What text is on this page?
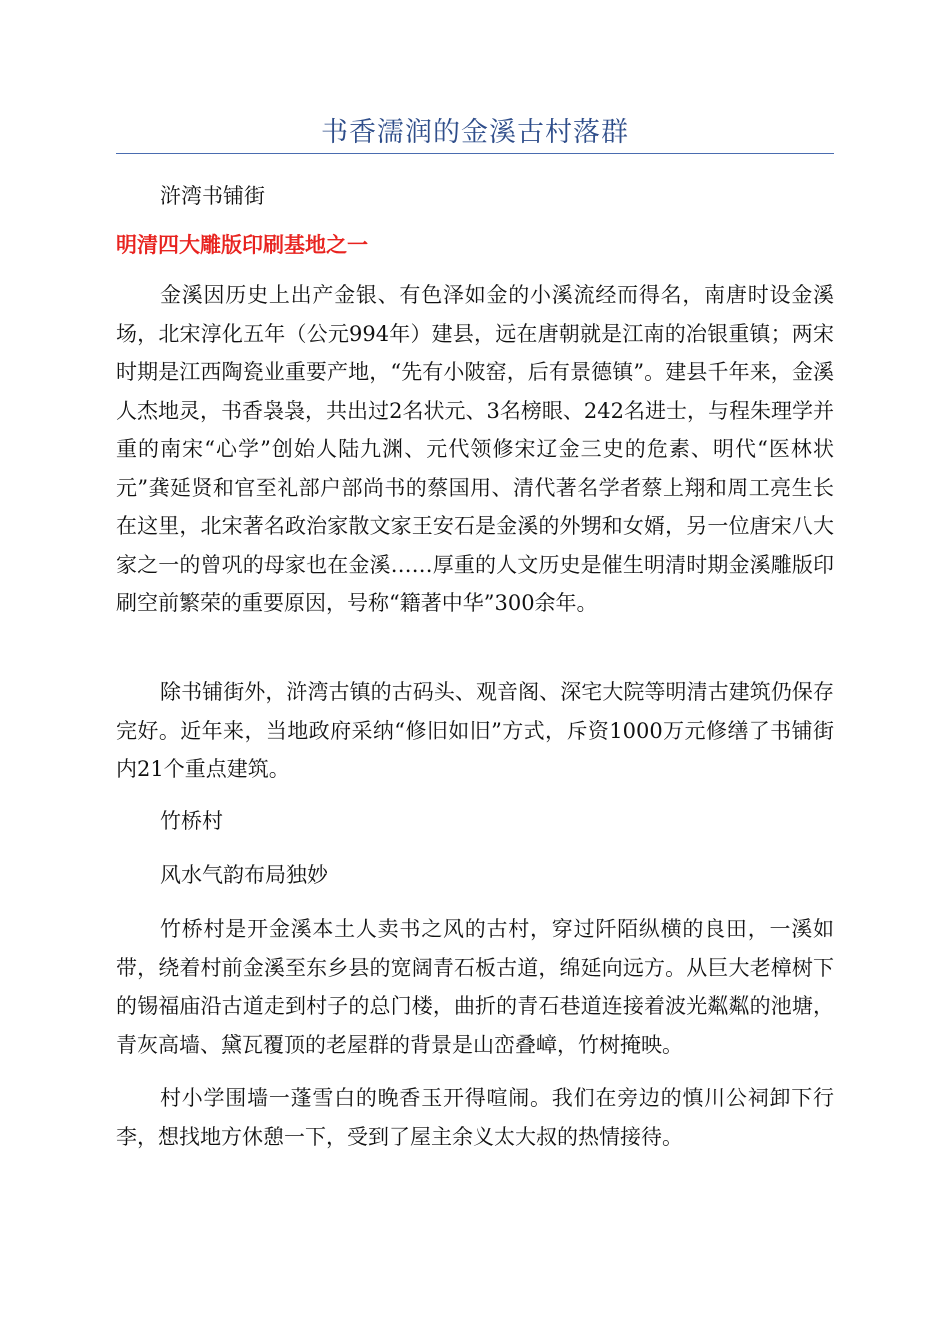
书香濡润的金溪古村落群

浒湾书铺街

明清四大雕版印刷基地之一

金溪因历史上出产金银、有色泽如金的小溪流经而得名，南唐时设金溪场，北宋淳化五年（公元994年）建县，远在唐朝就是江南的冶银重镇；两宋时期是江西陶瓷业重要产地，“先有小陂窑，后有景德镇”。建县千年来，金溪人杰地灵，书香袅袅，共出过2名状元、3名榜眼、242名进士，与程朱理学并重的南宋“心学”创始人陆九渊、元代领修宋辽金三史的危素、明代“医林状元”龚延贤和官至礼部户部尚书的蔡国用、清代著名学者蔡上翔和周工亮生长在这里，北宋著名政治家散文家王安石是金溪的外甥和女婿，另一位唐宋八大家之一的曾巩的母家也在金溪……厚重的人文历史是催生明清时期金溪雕版印刷空前繁荣的重要原因，号称“籍著中华”300余年。

除书铺街外，浒湾古镇的古码头、观音阁、深宅大院等明清古建筑仍保存完好。近年来，当地政府采纳“修旧如旧”方式，斥资1000万元修缮了书铺街内21个重点建筑。

竹桥村

风水气韵布局独妙

竹桥村是开金溪本土人卖书之风的古村，穿过阡陌纵横的良田，一溪如带，绕着村前金溪至东乡县的宽阔青石板古道，绵延向远方。从巨大老樟树下的锡福庙沿古道走到村子的总门楼，曲折的青石巷道连接着波光粼粼的池塘，青灰高墙、黛瓦覆顶的老屋群的背景是山峦叠嶂，竹树掩映。

村小学围墙一蓬雪白的晚香玉开得喧闹。我们在旁边的慎川公祠卸下行李，想找地方休憩一下，受到了屋主余义太大叔的热情接待。
